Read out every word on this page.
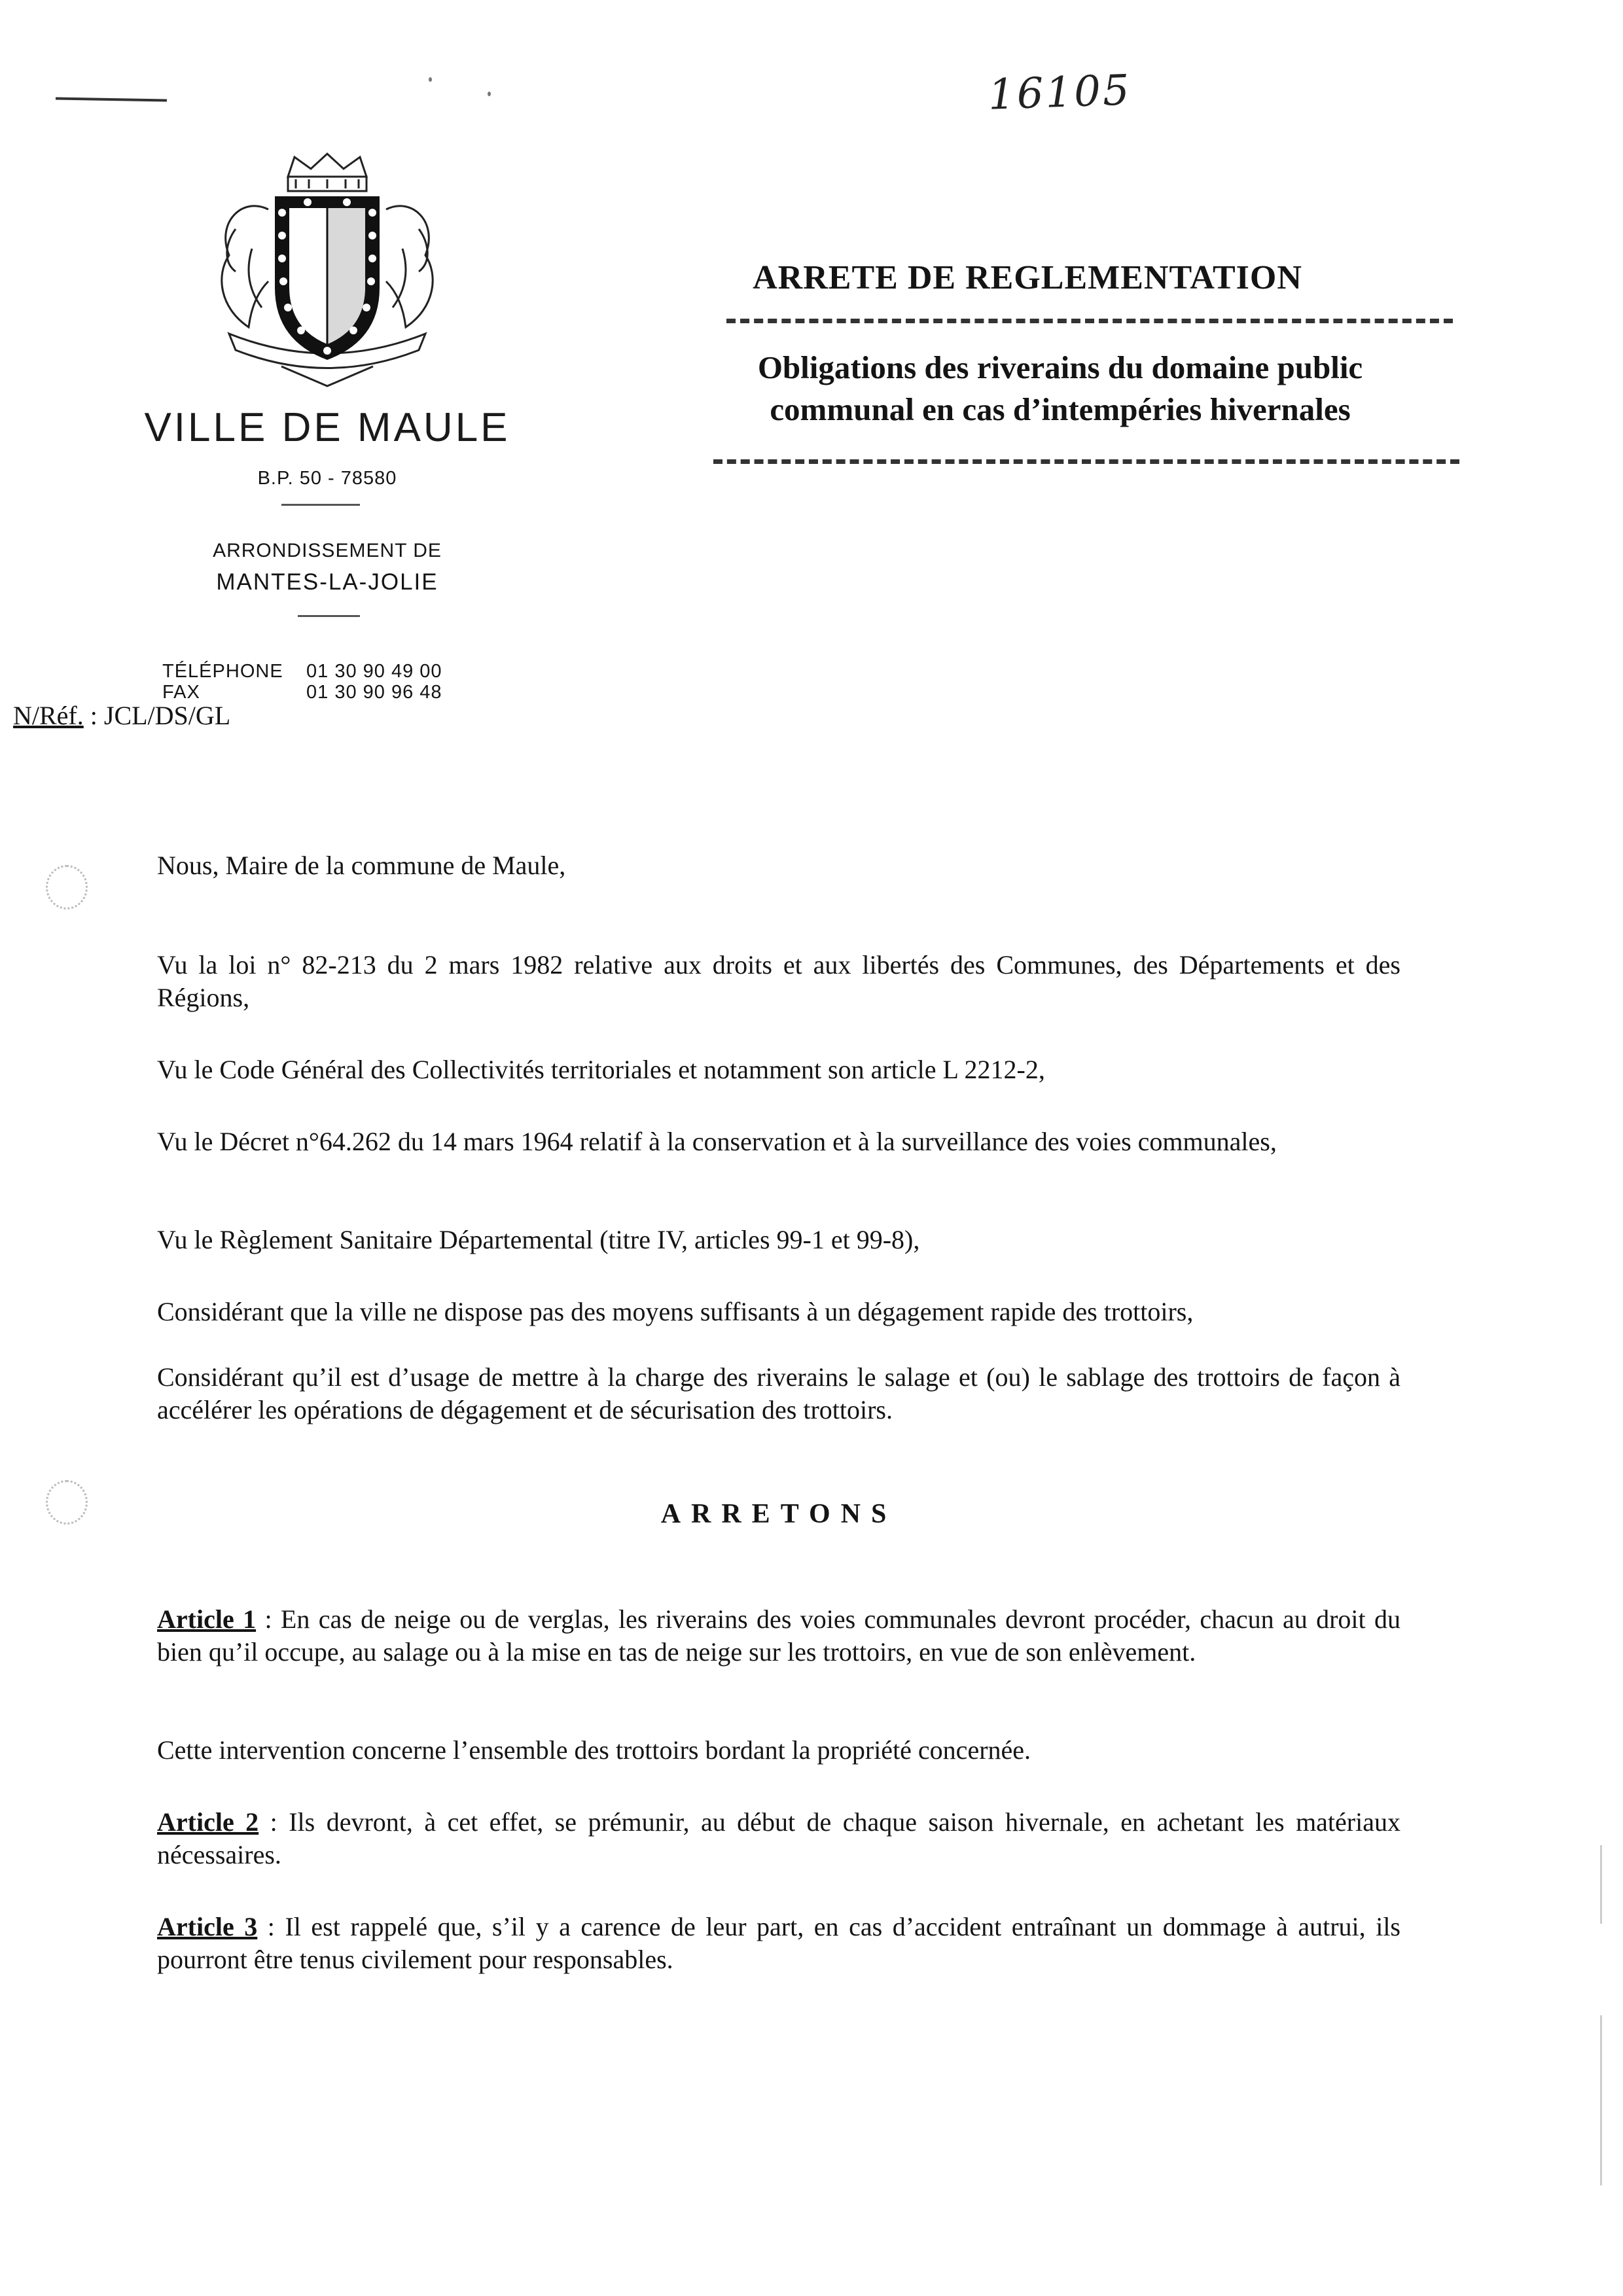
16105
VILLE DE MAULE
B.P. 50 - 78580
ARRONDISSEMENT DE
MANTES-LA-JOLIE
TÉLÉPHONE 01 30 90 49 00
FAX	01 30 90 96 48
N/Réf. : JCL/DS/GL
ARRETE DE REGLEMENTATION
Obligations des riverains du domaine public
communal en cas d’intempéries hivernales
Nous, Maire de la commune de Maule,
Vu la loi n° 82-213 du 2 mars 1982 relative aux droits et aux libertés des Communes, des Départements et des Régions,
Vu le Code Général des Collectivités territoriales et notamment son article L 2212-2,
Vu le Décret n°64.262 du 14 mars 1964 relatif à la conservation et à la surveillance des voies communales,
Vu le Règlement Sanitaire Départemental (titre IV, articles 99-1 et 99-8),
Considérant que la ville ne dispose pas des moyens suffisants à un dégagement rapide des trottoirs,
Considérant qu’il est d’usage de mettre à la charge des riverains le salage et (ou) le sablage des trottoirs de façon à accélérer les opérations de dégagement et de sécurisation des trottoirs.
ARRETONS
Article 1 : En cas de neige ou de verglas, les riverains des voies communales devront procéder, chacun au droit du bien qu’il occupe, au salage ou à la mise en tas de neige sur les trottoirs, en vue de son enlèvement.
Cette intervention concerne l’ensemble des trottoirs bordant la propriété concernée.
Article 2 : Ils devront, à cet effet, se prémunir, au début de chaque saison hivernale, en achetant les matériaux nécessaires.
Article 3 : Il est rappelé que, s’il y a carence de leur part, en cas d’accident entraînant un dommage à autrui, ils pourront être tenus civilement pour responsables.
